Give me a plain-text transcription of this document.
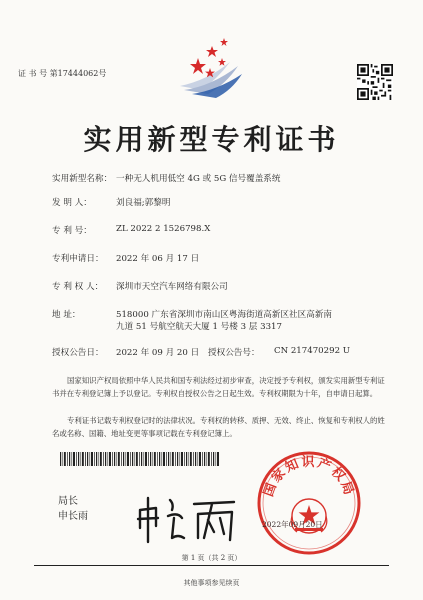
证 书 号 第17444062号
实用新型专利证书
实用新型名称： 一种无人机用低空 4G 或 5G 信号覆盖系统
发 明 人：	刘良福;郭黎明
专 利 号：	ZL 2022 2 1526798.X
专利申请日： 2022 年 06 月 17 日
专 利 权 人： 深圳市天空汽车网络有限公司
地 址：	518000 广东省深圳市南山区粤海街道高新区社区高新南
九道 51 号航空航天大厦 1 号楼 3 层 3317
授权公告日： 2022 年 09 月 20 日 授权公告号： CN 217470292 U
国家知识产权局依照中华人民共和国专利法经过初步审查，决定授予专利权，颁发实用新型专利证书并在专利登记簿上予以登记。专利权自授权公告之日起生效。专利权期限为十年，自申请日起算。
专利证书记载专利权登记时的法律状况。专利权的转移、质押、无效、终止、恢复和专利权人的姓名或名称、国籍、地址变更等事项记载在专利登记簿上。
局长
申长雨
国家知识产权局
2022年09月20日
第 1 页（共 2 页）
其他事项参见续页
